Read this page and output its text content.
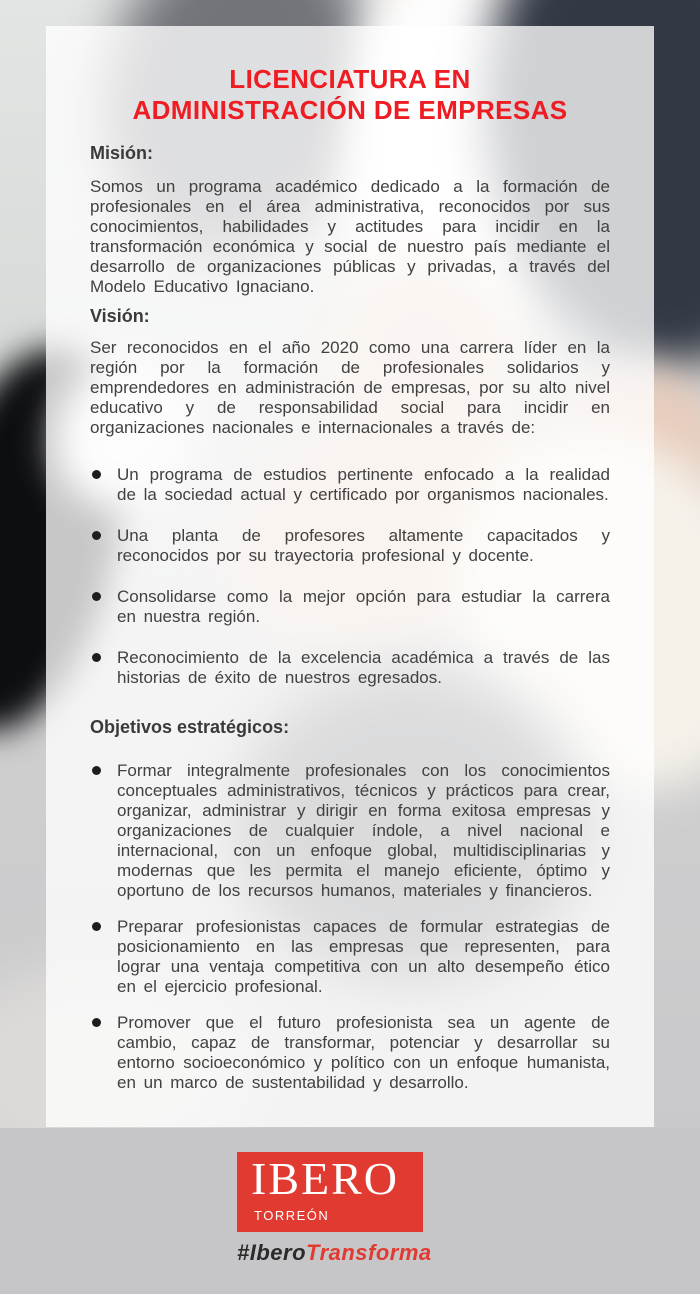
LICENCIATURA EN
ADMINISTRACIÓN DE EMPRESAS
Misión:

Somos un programa académico dedicado a la formación de profesionales en el área administrativa, reconocidos por sus conocimientos, habilidades y actitudes para incidir en la transformación económica y social de nuestro país mediante el desarrollo de organizaciones públicas y privadas, a través del Modelo Educativo Ignaciano.

Visión:

Ser reconocidos en el año 2020 como una carrera líder en la región por la formación de profesionales solidarios y emprendedores en administración de empresas, por su alto nivel educativo y de responsabilidad social para incidir en organizaciones nacionales e internacionales a través de:

Un programa de estudios pertinente enfocado a la realidad de la sociedad actual y certificado por organismos nacionales.
Una planta de profesores altamente capacitados y reconocidos por su trayectoria profesional y docente.
Consolidarse como la mejor opción para estudiar la carrera en nuestra región.
Reconocimiento de la excelencia académica a través de las historias de éxito de nuestros egresados.
Objetivos estratégicos:
Formar integralmente profesionales con los conocimientos conceptuales administrativos, técnicos y prácticos para crear, organizar, administrar y dirigir en forma exitosa empresas y organizaciones de cualquier índole, a nivel nacional e internacional, con un enfoque global, multidisciplinarias y modernas que les permita el manejo eficiente, óptimo y oportuno de los recursos humanos, materiales y financieros.
Preparar profesionistas capaces de formular estrategias de posicionamiento en las empresas que representen, para lograr una ventaja competitiva con un alto desempeño ético en el ejercicio profesional.
Promover que el futuro profesionista sea un agente de cambio, capaz de transformar, potenciar y desarrollar su entorno socioeconómico y político con un enfoque humanista, en un marco de sustentabilidad y desarrollo.
IBERO
TORREÓN
#IberoTransforma
